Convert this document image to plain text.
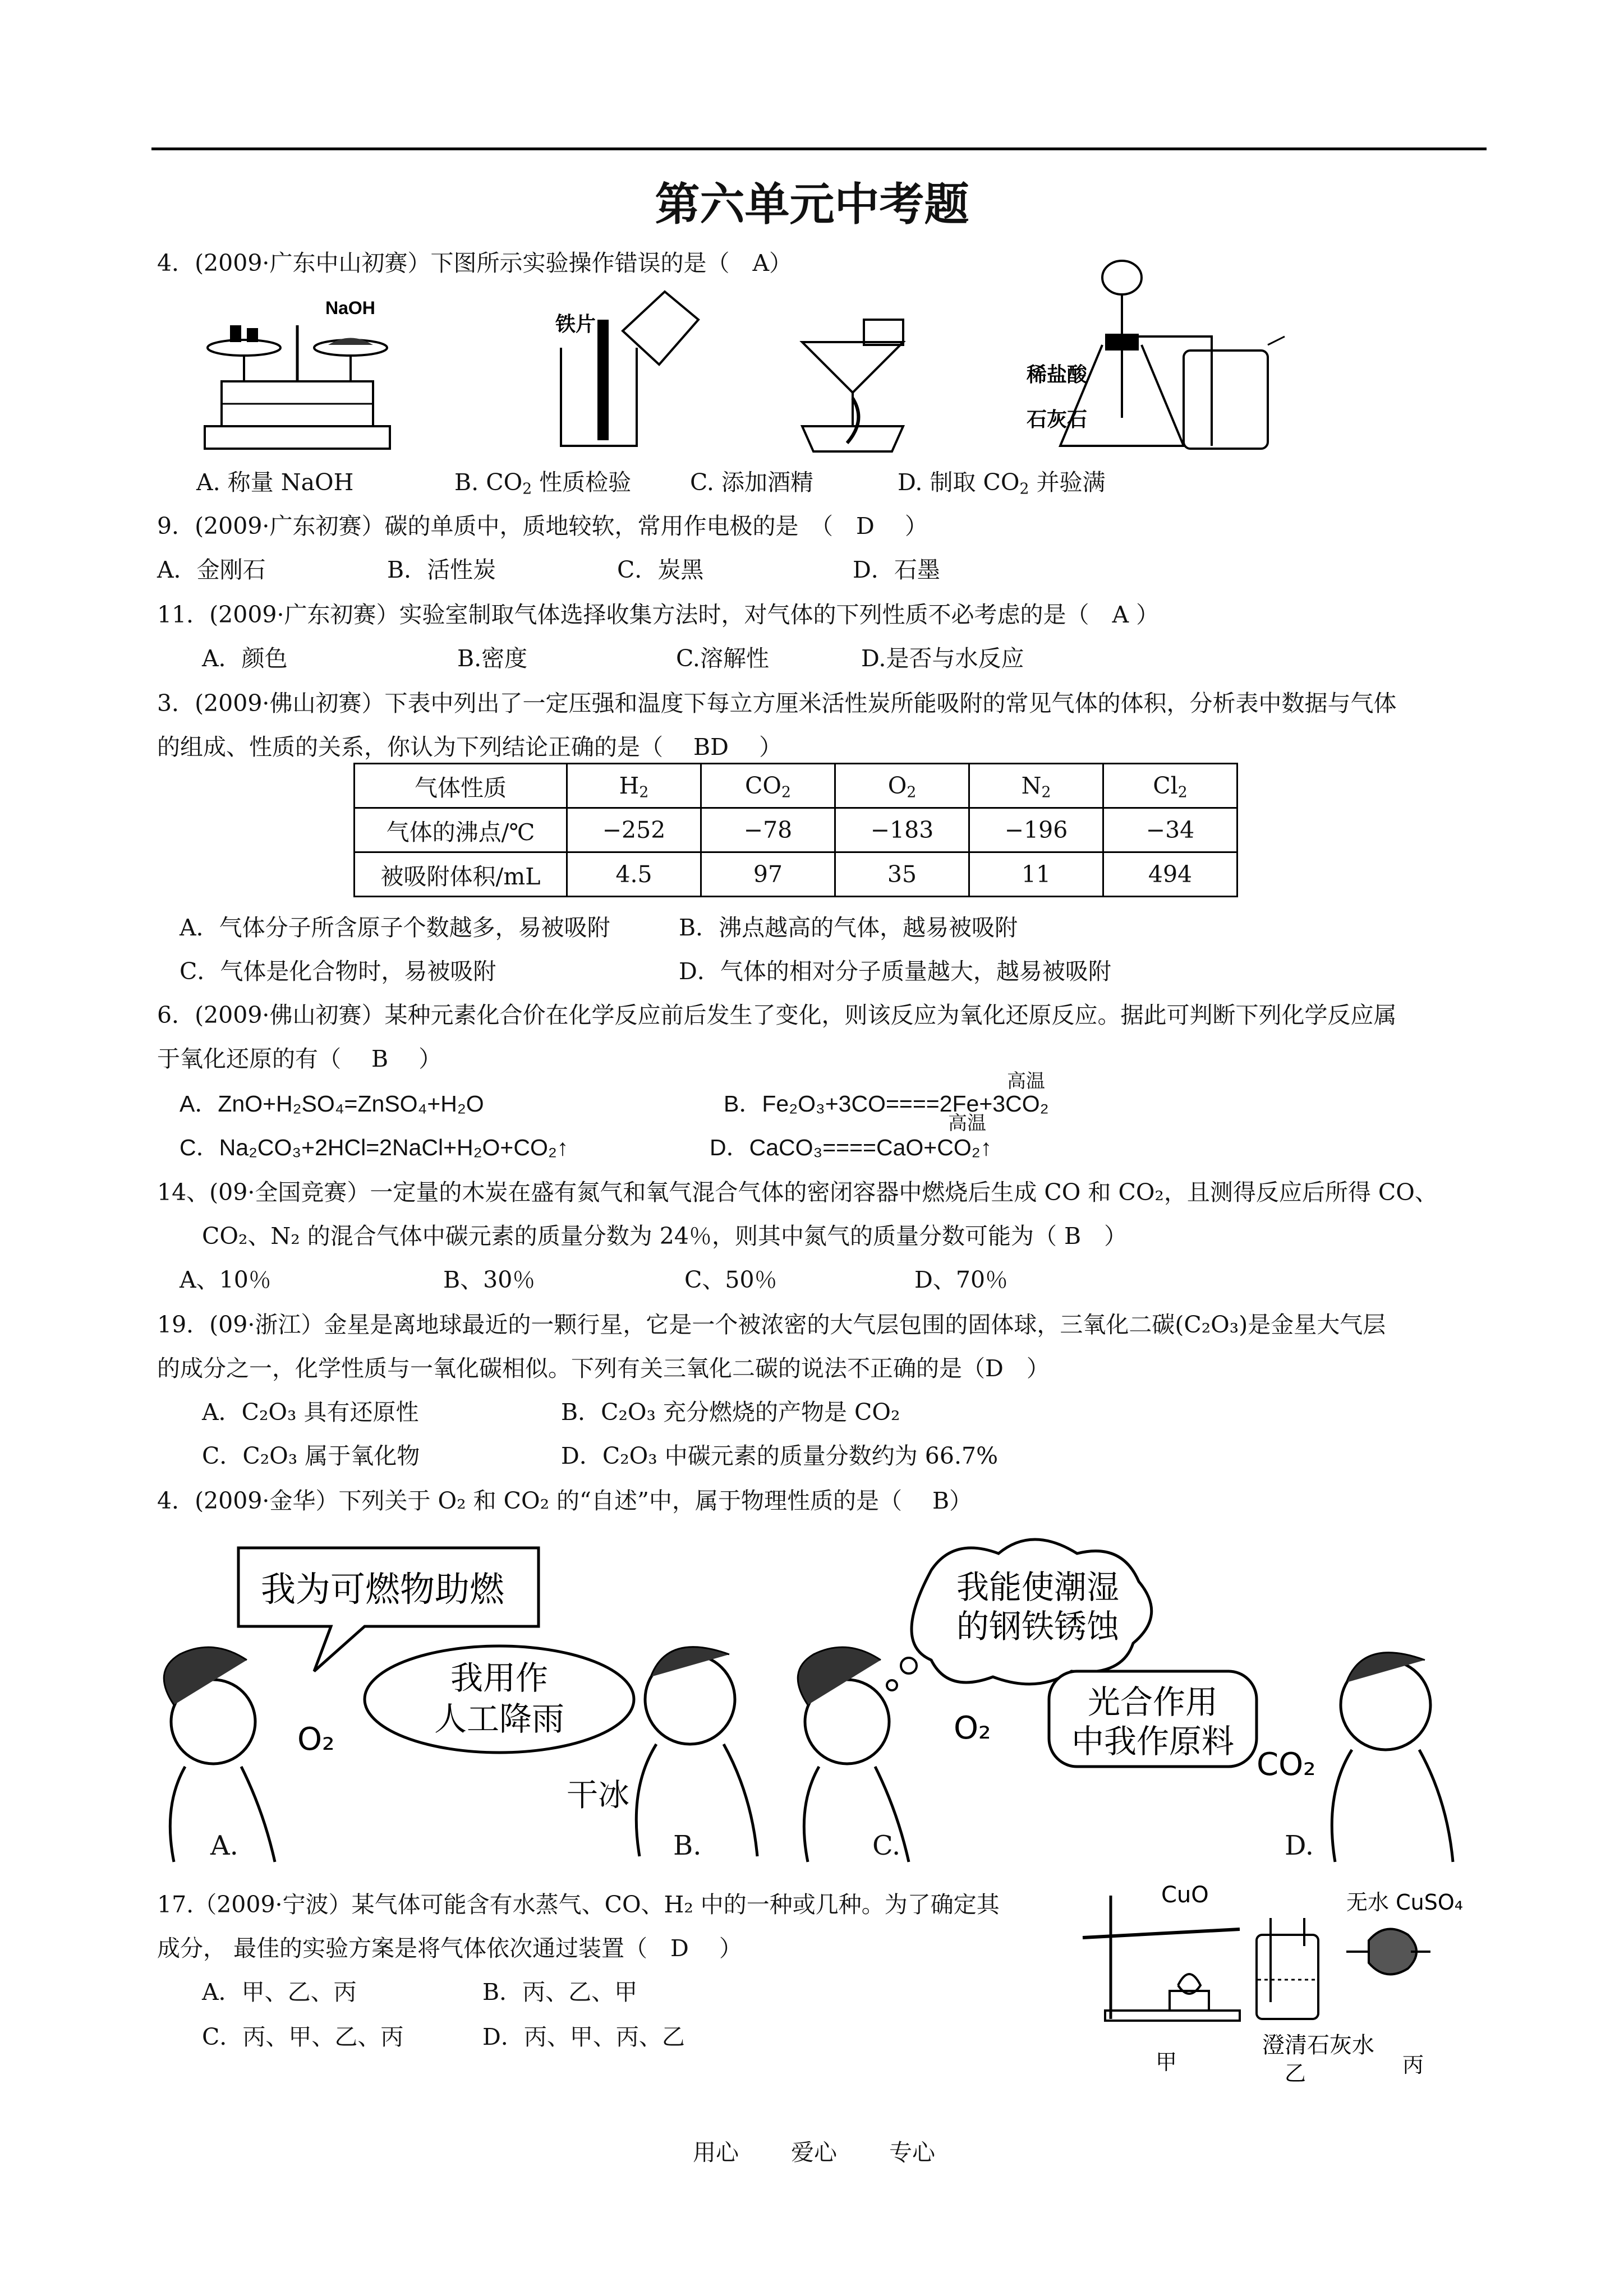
第六单元中考题
4．(2009·广东中山初赛）下图所示实验操作错误的是（　A）
NaOH
铁片
稀盐酸
石灰石
A. 称量 NaOH	B. $CO_2$ 性质检验	C. 添加酒精	D. 制取 $CO_2$ 并验满
9．(2009·广东初赛）碳的单质中，质地较软，常用作电极的是　（　D　 ）
A．金刚石	B．活性炭	C．炭黑	D．石墨
11．(2009·广东初赛）实验室制取气体选择收集方法时，对气体的下列性质不必考虑的是（　A ）
A．颜色	B.密度	C.溶解性	D.是否与水反应
3．(2009·佛山初赛）下表中列出了一定压强和温度下每立方厘米活性炭所能吸附的常见气体的体积，分析表中数据与气体
的组成、性质的关系，你认为下列结论正确的是（　 BD　 ）
气体性质	$H_2$	$CO_2$	$O_2$	$N_2$	$Cl_2$
气体的沸点/℃	−252	−78	−183	−196	−34
被吸附体积/mL	4.5	97	35	11	494
A．气体分子所含原子个数越多，易被吸附	B．沸点越高的气体，越易被吸附
C．气体是化合物时，易被吸附	D．气体的相对分子质量越大，越易被吸附
6．(2009·佛山初赛）某种元素化合价在化学反应前后发生了变化，则该反应为氧化还原反应。据此可判断下列化学反应属
于氧化还原的有（　 B　 ）
高温
A．ZnO+H₂SO₄=ZnSO₄+H₂O	B．Fe₂O₃+3CO====2Fe+3CO₂
高温
C．Na₂CO₃+2HCl=2NaCl+H₂O+CO₂↑	D．CaCO₃====CaO+CO₂↑
14、(09·全国竞赛）一定量的木炭在盛有氮气和氧气混合气体的密闭容器中燃烧后生成 CO 和 CO₂，且测得反应后所得 CO、
CO₂、N₂ 的混合气体中碳元素的质量分数为 24％，则其中氮气的质量分数可能为（ B　）
A、10％	B、30％	C、50％	D、70％
19．(09·浙江）金星是离地球最近的一颗行星，它是一个被浓密的大气层包围的固体球，三氧化二碳(C₂O₃)是金星大气层
的成分之一，化学性质与一氧化碳相似。下列有关三氧化二碳的说法不正确的是（D　）
A．C₂O₃ 具有还原性	B．C₂O₃ 充分燃烧的产物是 CO₂
C．C₂O₃ 属于氧化物	D．C₂O₃ 中碳元素的质量分数约为 66.7%
4．(2009·金华）下列关于 O₂ 和 CO₂ 的“自述”中，属于物理性质的是（　 B）
我为可燃物助燃
O₂
我用作
人工降雨
干冰
我能使潮湿
的钢铁锈蚀
O₂
光合作用
中我作原料
CO₂
A.	B.	C.	D.
17.（2009·宁波）某气体可能含有水蒸气、CO、H₂ 中的一种或几种。为了确定其
成分， 最佳的实验方案是将气体依次通过装置（　D　 ）
A．甲、乙、丙	B．丙、乙、甲
C．丙、甲、乙、丙	D．丙、甲、丙、乙
CuO	无水 CuSO₄
澄清石灰水
甲	乙	丙
用心 爱心 专心
